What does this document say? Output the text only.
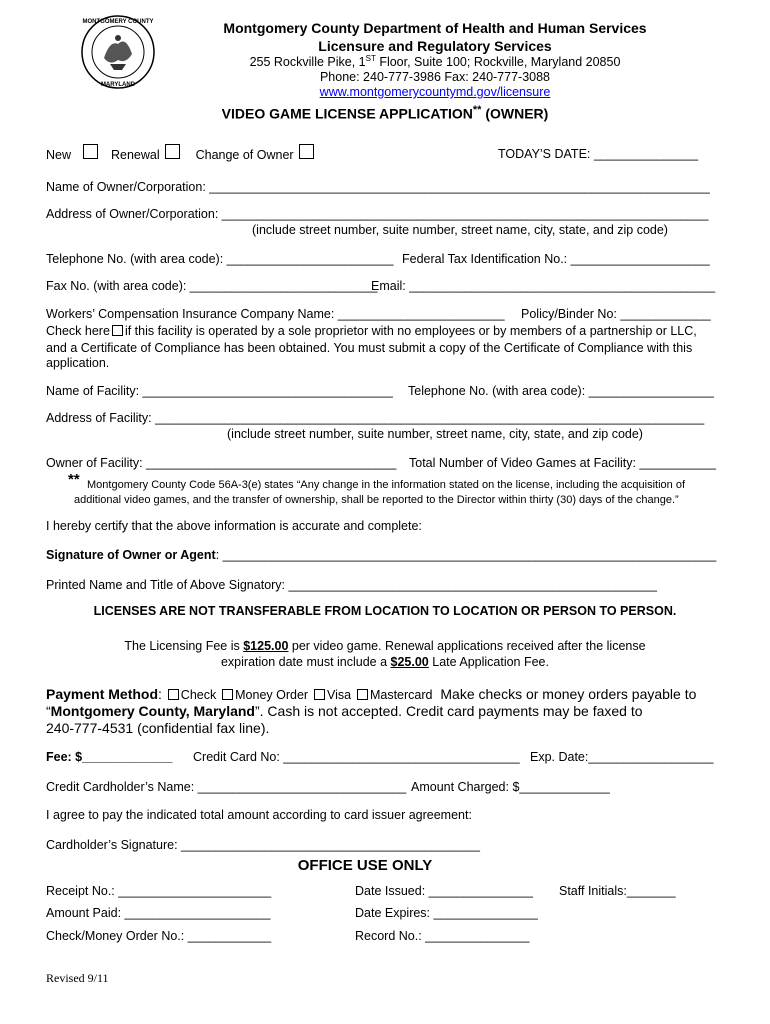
MONTGOMERY COUNTY
MARYLAND
Montgomery County Department of Health and Human Services
Licensure and Regulatory Services
255 Rockville Pike, 1ST Floor, Suite 100; Rockville, Maryland 20850
Phone: 240-777-3986 Fax: 240-777-3088
www.montgomerycountymd.gov/licensure
VIDEO GAME LICENSE APPLICATION** (OWNER)
New	Renewal	Change of Owner	TODAY’S DATE: _______________
Name of Owner/Corporation: ________________________________________________________________________
Address of Owner/Corporation: ______________________________________________________________________
(include street number, suite number, street name, city, state, and zip code)
Telephone No. (with area code): ________________________ Federal Tax Identification No.: ____________________
Fax No. (with area code): ___________________________
Email: ____________________________________________
Workers’ Compensation Insurance Company Name: ________________________ Policy/Binder No: _____________
Check here if this facility is operated by a sole proprietor with no employees or by members of a partnership or LLC,
and a Certificate of Compliance has been obtained. You must submit a copy of the Certificate of Compliance with this
application.
Name of Facility: ____________________________________ Telephone No. (with area code): __________________
Address of Facility: _______________________________________________________________________________
(include street number, suite number, street name, city, state, and zip code)
Owner of Facility: ____________________________________ Total Number of Video Games at Facility: ___________
** Montgomery County Code 56A-3(e) states “Any change in the information stated on the license, including the acquisition of
additional video games, and the transfer of ownership, shall be reported to the Director within thirty (30) days of the change.”
I hereby certify that the above information is accurate and complete:
Signature of Owner or Agent: _______________________________________________________________________
Printed Name and Title of Above Signatory: _____________________________________________________
LICENSES ARE NOT TRANSFERABLE FROM LOCATION TO LOCATION OR PERSON TO PERSON.
The Licensing Fee is $125.00 per video game. Renewal applications received after the license
expiration date must include a $25.00 Late Application Fee.
Payment Method: Check Money Order Visa Mastercard Make checks or money orders payable to
“Montgomery County, Maryland”. Cash is not accepted. Credit card payments may be faxed to
240-777-4531 (confidential fax line).
Fee: $_____________ Credit Card No: __________________________________ Exp. Date:__________________
Credit Cardholder’s Name: ______________________________ Amount Charged: $_____________
I agree to pay the indicated total amount according to card issuer agreement:
Cardholder’s Signature: ___________________________________________
OFFICE USE ONLY
Receipt No.: ______________________	Date Issued: _______________ Staff Initials:_______
Amount Paid: _____________________	Date Expires: _______________
Check/Money Order No.: ____________	Record No.: _______________
Revised 9/11
